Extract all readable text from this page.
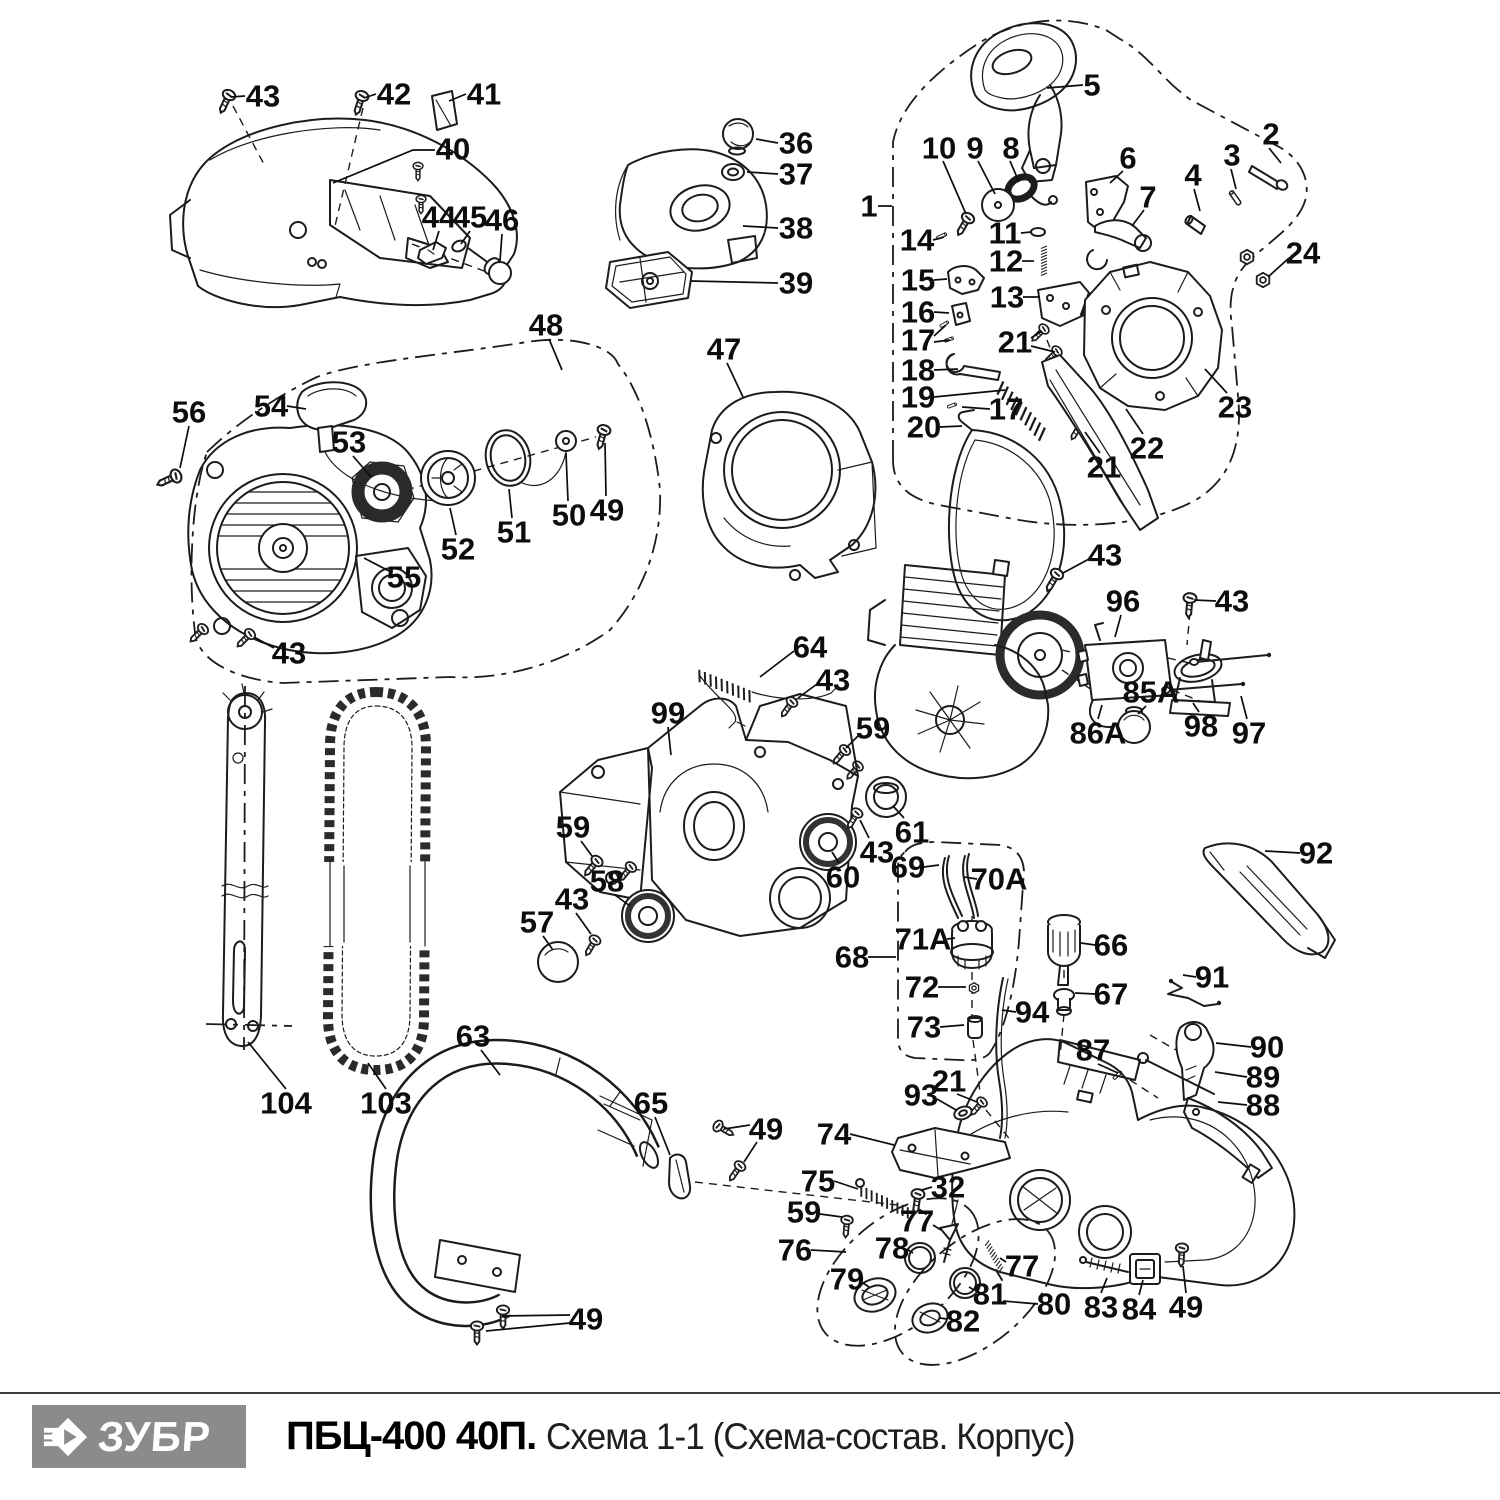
43	42 41
40
44
45
46
36
37
38
39
1
5
2
3
4
6
7
8
9
10
11
12
13
14
15
16
17 21
18
19 17
20
22
21
23
24
48
56 54
53
52 51 50 49
55
43
47
43
96 43
85A
86A 98 97
59
64
43
99
59
58
43
57
60
61
43	92
69 70A
71A	66
68
72	67
94
73
91
87	90
89
88
21
93
74
75	32
59
76
77
78
79	77
81
82 80 83 84 49
104 103
63
65
49
49
ЗУБР ПБЦ-400 40П. Схема 1-1 (Схема-состав. Корпус)
